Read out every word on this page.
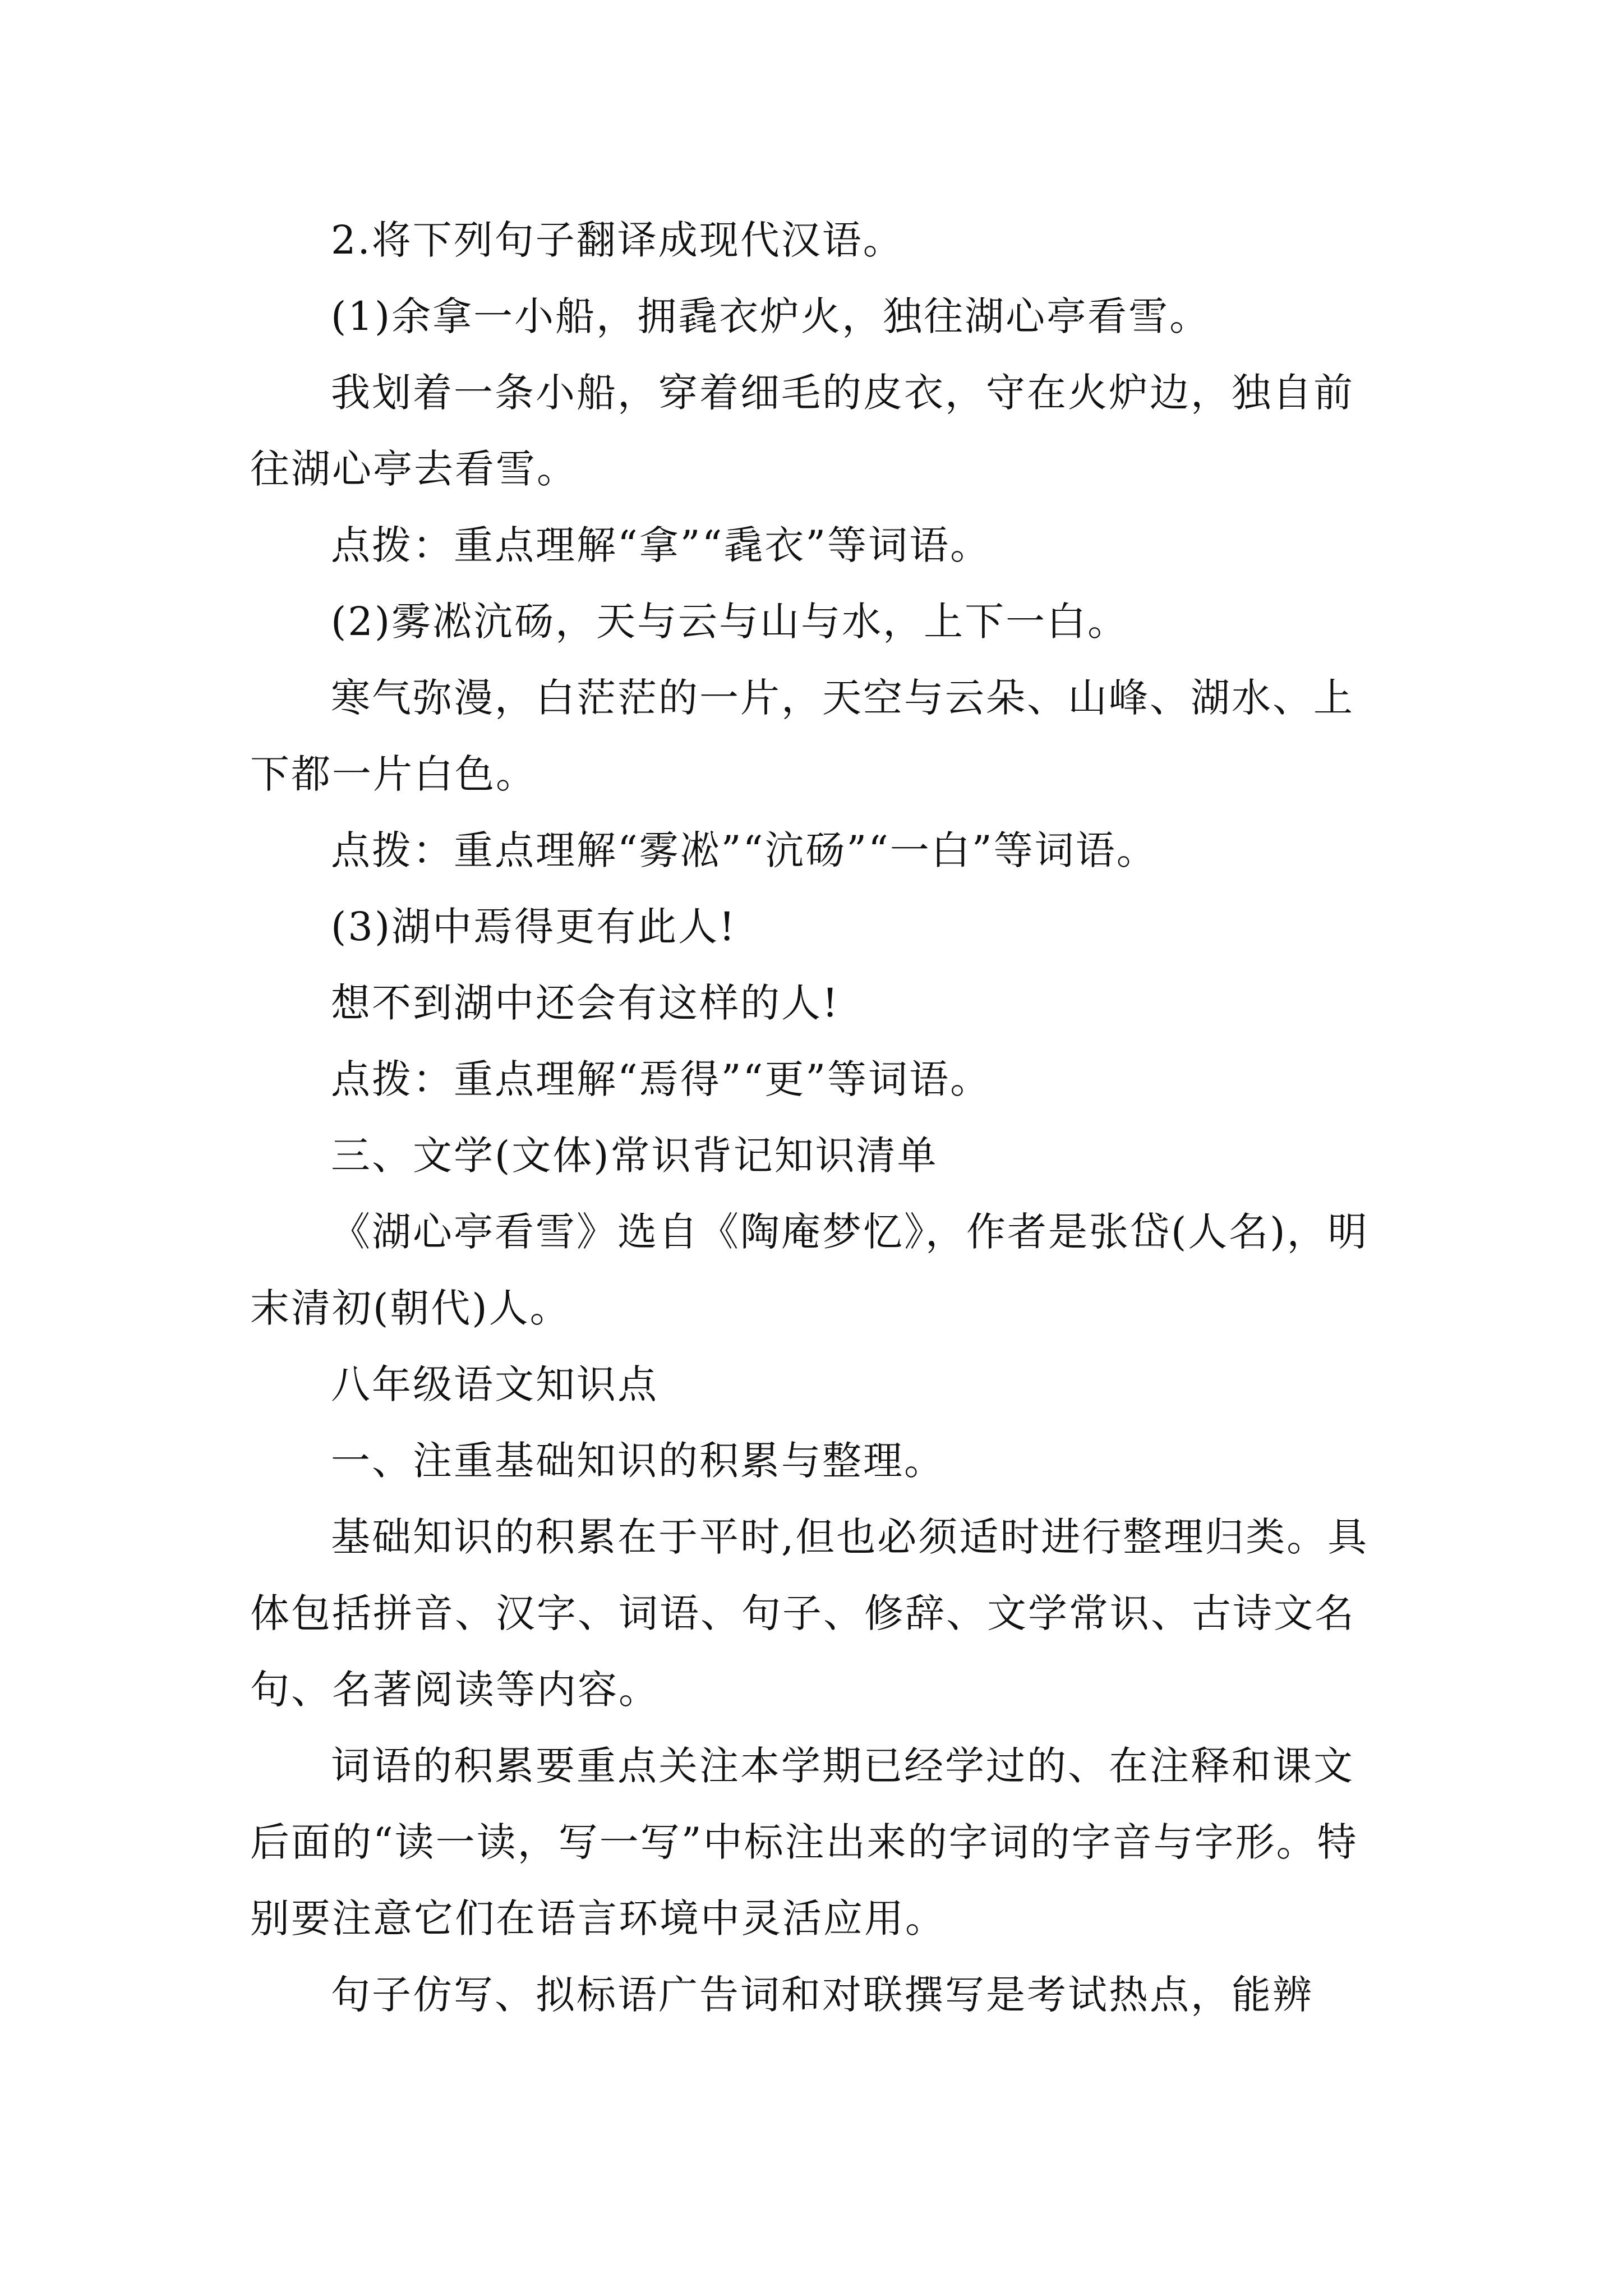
2.将下列句子翻译成现代汉语。

(1)余拿一小船，拥毳衣炉火，独往湖心亭看雪。

我划着一条小船，穿着细毛的皮衣，守在火炉边，独自前往湖心亭去看雪。

点拨：重点理解“拿”“毳衣”等词语。

(2)雾凇沆砀，天与云与山与水，上下一白。

寒气弥漫，白茫茫的一片，天空与云朵、山峰、湖水、上下都一片白色。

点拨：重点理解“雾凇”“沆砀”“一白”等词语。

(3)湖中焉得更有此人!

想不到湖中还会有这样的人!

点拨：重点理解“焉得”“更”等词语。

三、文学(文体)常识背记知识清单

《湖心亭看雪》选自《陶庵梦忆》，作者是张岱(人名)，明末清初(朝代)人。

八年级语文知识点

一、注重基础知识的积累与整理。

基础知识的积累在于平时,但也必须适时进行整理归类。具体包括拼音、汉字、词语、句子、修辞、文学常识、古诗文名句、名著阅读等内容。

词语的积累要重点关注本学期已经学过的、在注释和课文后面的“读一读，写一写”中标注出来的字词的字音与字形。特别要注意它们在语言环境中灵活应用。

句子仿写、拟标语广告词和对联撰写是考试热点，能辨
